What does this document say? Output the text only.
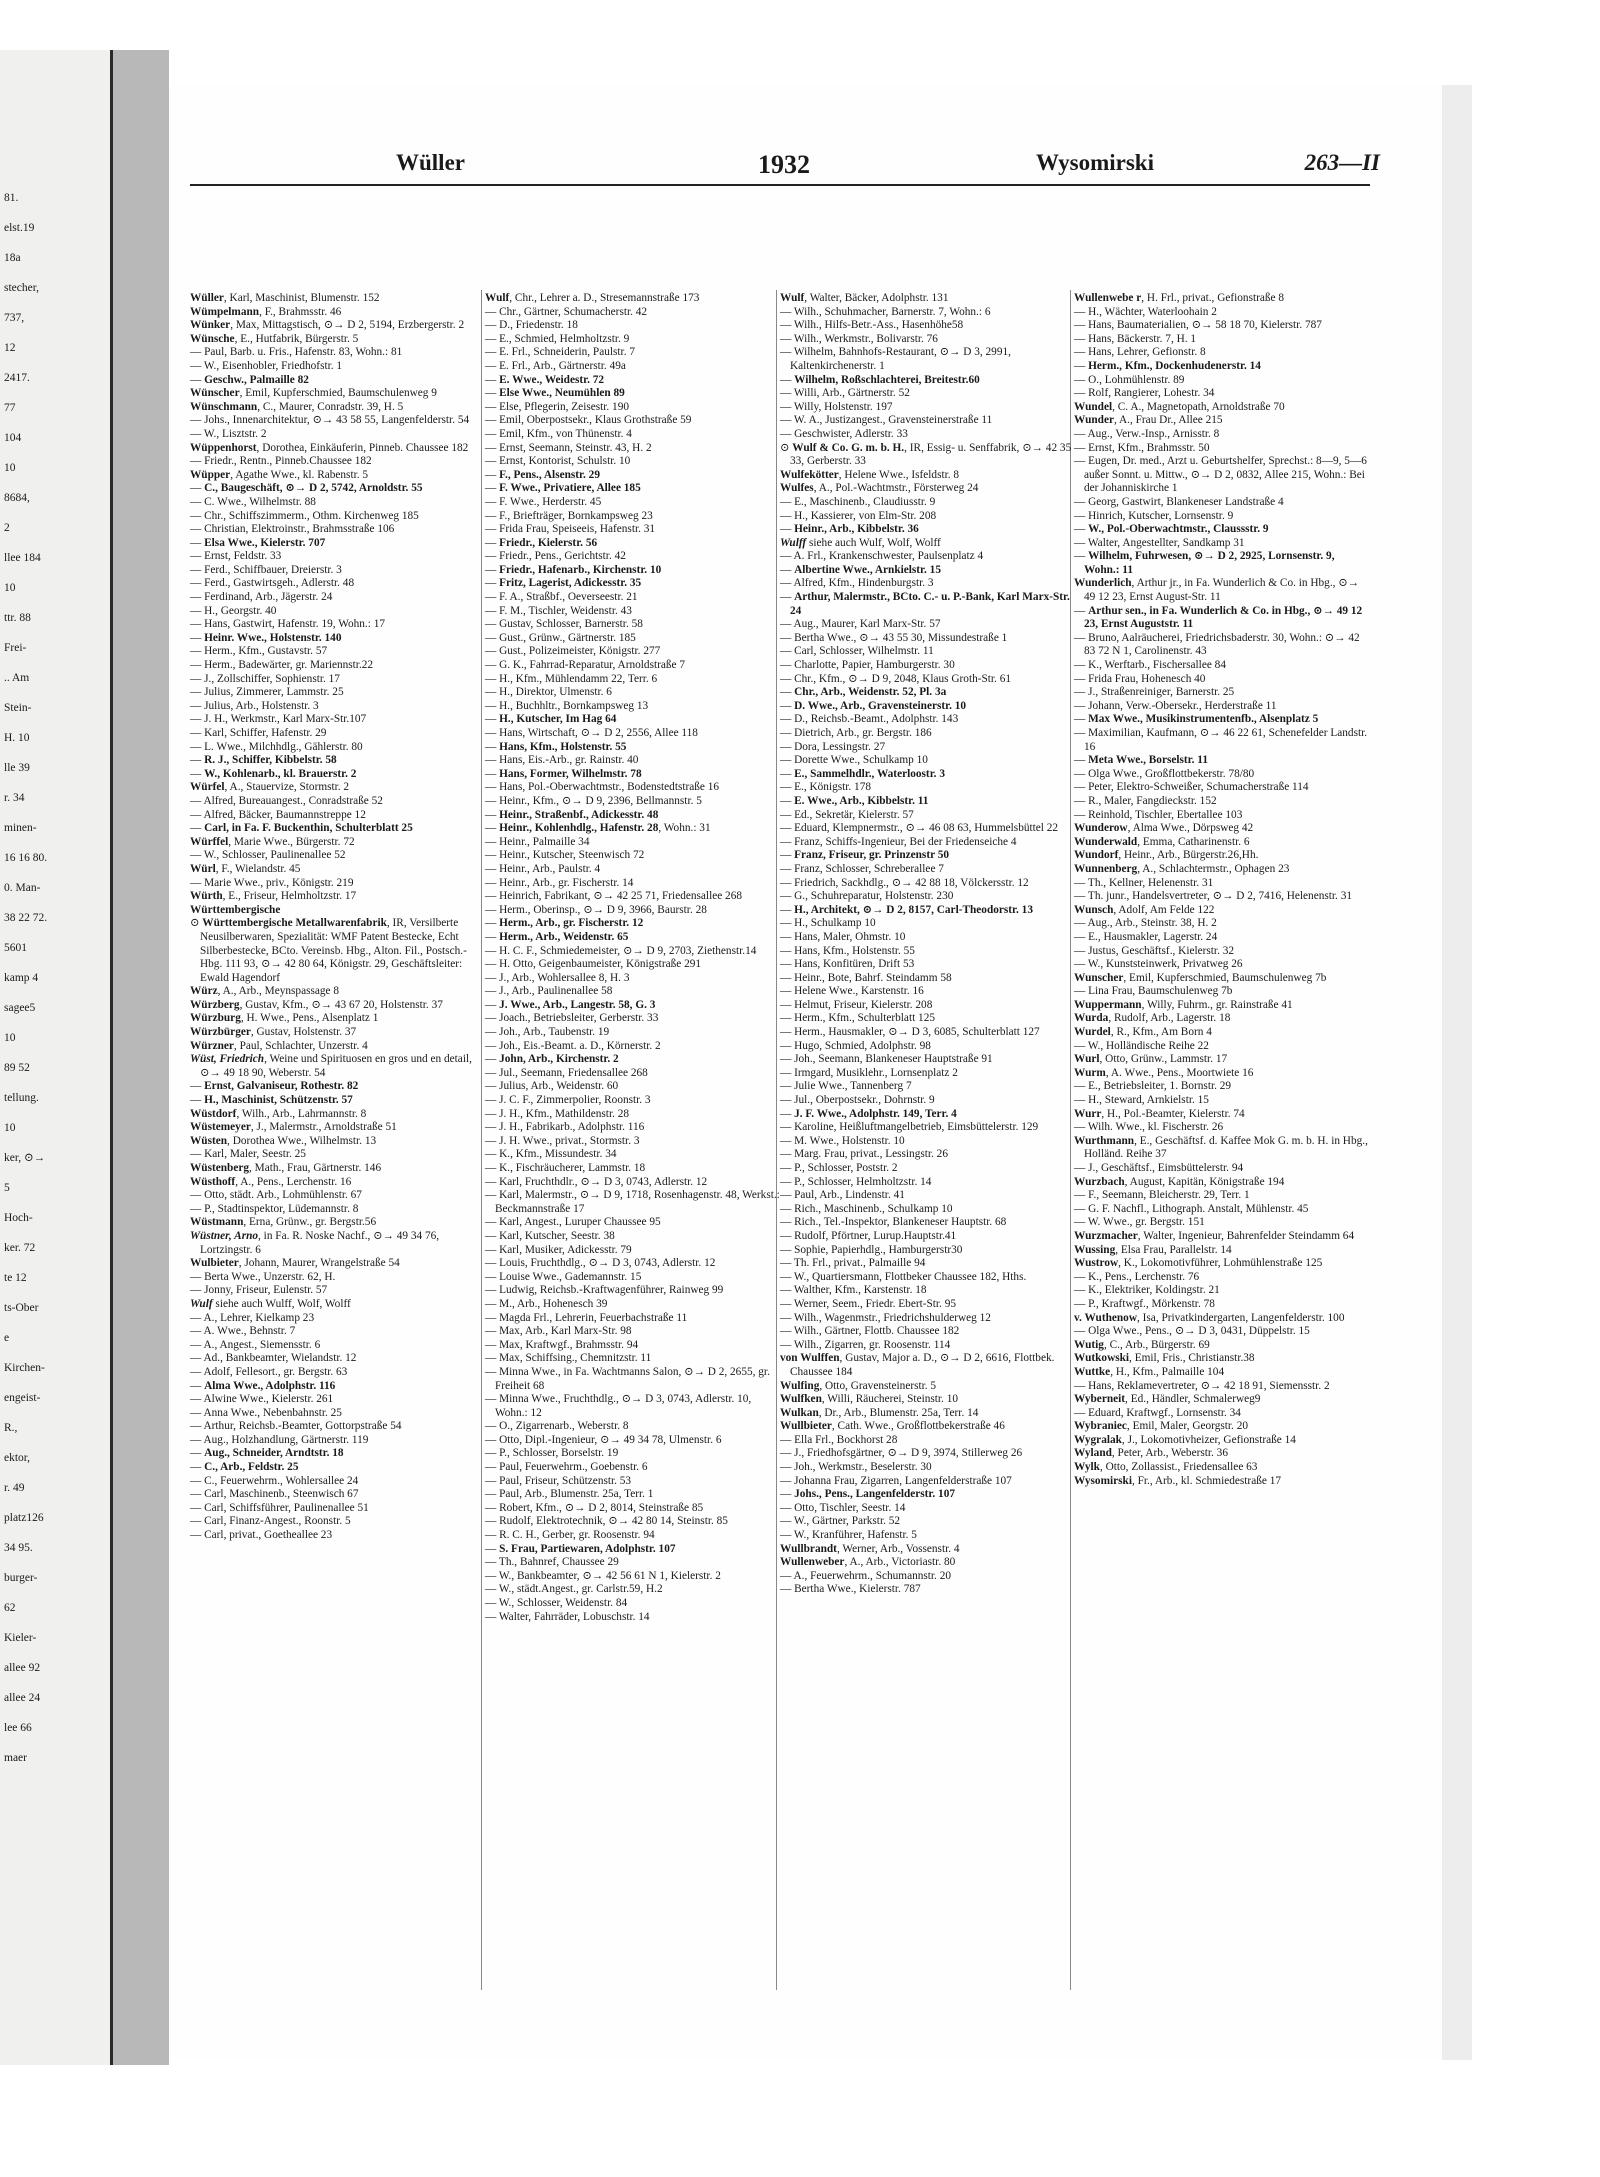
81.
elst.19
18a
stecher,
737,
12
2417.
77
104
10
8684,
2
llee 184
10
ttr. 88
Frei-
.. Am
Stein-
H. 10
lle 39
r. 34
minen-
16 16 80.
0. Man-
38 22 72.
5601
kamp 4
sagee5
10
89 52
tellung.
10
ker, ⊙→
5
Hoch-
ker. 72
te 12
ts-Ober
e
Kirchen-
engeist-
R.,
ektor,
r. 49
platz126
34 95.
burger-
62
Kieler-
allee 92
allee 24
lee 66
maer
Wüller	1932	Wysomirski	263—II

Wüller, Karl, Maschinist, Blumenstr. 152

Wümpelmann, F., Brahmsstr. 46

Wünker, Max, Mittagstisch, ⊙→ D 2, 5194, Erzbergerstr. 2

Wünsche, E., Hutfabrik, Bürgerstr. 5

— Paul, Barb. u. Fris., Hafenstr. 83, Wohn.: 81

— W., Eisenhobler, Friedhofstr. 1

— Geschw., Palmaille 82

Wünscher, Emil, Kupferschmied, Baumschulenweg 9

Wünschmann, C., Maurer, Conradstr. 39, H. 5

— Johs., Innenarchitektur, ⊙→ 43 58 55, Langenfelderstr. 54

— W., Lisztstr. 2

Wüppenhorst, Dorothea, Einkäuferin, Pinneb. Chaussee 182

— Friedr., Rentn., Pinneb.Chaussee 182

Wüpper, Agathe Wwe., kl. Rabenstr. 5

— C., Baugeschäft, ⊙→ D 2, 5742, Arnoldstr. 55

— C. Wwe., Wilhelmstr. 88

— Chr., Schiffszimmerm., Othm. Kirchenweg 185

— Christian, Elektroinstr., Brahmsstraße 106

— Elsa Wwe., Kielerstr. 707

— Ernst, Feldstr. 33

— Ferd., Schiffbauer, Dreierstr. 3

— Ferd., Gastwirtsgeh., Adlerstr. 48

— Ferdinand, Arb., Jägerstr. 24

— H., Georgstr. 40

— Hans, Gastwirt, Hafenstr. 19, Wohn.: 17

— Heinr. Wwe., Holstenstr. 140

— Herm., Kfm., Gustavstr. 57

— Herm., Badewärter, gr. Mariennstr.22

— J., Zollschiffer, Sophienstr. 17

— Julius, Zimmerer, Lammstr. 25

— Julius, Arb., Holstenstr. 3

— J. H., Werkmstr., Karl Marx-Str.107

— Karl, Schiffer, Hafenstr. 29

— L. Wwe., Milchhdlg., Gählerstr. 80

— R. J., Schiffer, Kibbelstr. 58

— W., Kohlenarb., kl. Brauerstr. 2

Würfel, A., Stauervize, Stormstr. 2

— Alfred, Bureauangest., Conradstraße 52

— Alfred, Bäcker, Baumannstreppe 12

— Carl, in Fa. F. Buckenthin, Schulterblatt 25

Würffel, Marie Wwe., Bürgerstr. 72

— W., Schlosser, Paulinenallee 52

Würl, F., Wielandstr. 45

— Marie Wwe., priv., Königstr. 219

Würth, E., Friseur, Helmholtzstr. 17

Württembergische

⊙ Württembergische Metallwarenfabrik, IR, Versilberte Neusilberwaren, Spezialität: WMF Patent Bestecke, Echt Silberbestecke, BCto. Vereinsb. Hbg., Alton. Fil., Postsch.- Hbg. 111 93, ⊙→ 42 80 64, Königstr. 29, Geschäftsleiter: Ewald Hagendorf

Würz, A., Arb., Meynspassage 8

Würzberg, Gustav, Kfm., ⊙→ 43 67 20, Holstenstr. 37

Würzburg, H. Wwe., Pens., Alsenplatz 1

Würzbürger, Gustav, Holstenstr. 37

Würzner, Paul, Schlachter, Unzerstr. 4

Wüst, Friedrich, Weine und Spirituosen en gros und en detail, ⊙→ 49 18 90, Weberstr. 54

— Ernst, Galvaniseur, Rothestr. 82

— H., Maschinist, Schützenstr. 57

Wüstdorf, Wilh., Arb., Lahrmannstr. 8

Wüstemeyer, J., Malermstr., Arnoldstraße 51

Wüsten, Dorothea Wwe., Wilhelmstr. 13

— Karl, Maler, Seestr. 25

Wüstenberg, Math., Frau, Gärtnerstr. 146

Wüsthoff, A., Pens., Lerchenstr. 16

— Otto, städt. Arb., Lohmühlenstr. 67

— P., Stadtinspektor, Lüdemannstr. 8

Wüstmann, Erna, Grünw., gr. Bergstr.56

Wüstner, Arno, in Fa. R. Noske Nachf., ⊙→ 49 34 76, Lortzingstr. 6

Wulbieter, Johann, Maurer, Wrangelstraße 54

— Berta Wwe., Unzerstr. 62, H.

— Jonny, Friseur, Eulenstr. 57

Wulf siehe auch Wulff, Wolf, Wolff

— A., Lehrer, Kielkamp 23

— A. Wwe., Behnstr. 7

— A., Angest., Siemensstr. 6

— Ad., Bankbeamter, Wielandstr. 12

— Adolf, Fellesort., gr. Bergstr. 63

— Alma Wwe., Adolphstr. 116

— Alwine Wwe., Kielerstr. 261

— Anna Wwe., Nebenbahnstr. 25

— Arthur, Reichsb.-Beamter, Gottorpstraße 54

— Aug., Holzhandlung, Gärtnerstr. 119

— Aug., Schneider, Arndtstr. 18

— C., Arb., Feldstr. 25

— C., Feuerwehrm., Wohlersallee 24

— Carl, Maschinenb., Steenwisch 67

— Carl, Schiffsführer, Paulinenallee 51

— Carl, Finanz-Angest., Roonstr. 5

— Carl, privat., Goetheallee 23

Wulf, Chr., Lehrer a. D., Stresemannstraße 173

— Chr., Gärtner, Schumacherstr. 42

— D., Friedenstr. 18

— E., Schmied, Helmholtzstr. 9

— E. Frl., Schneiderin, Paulstr. 7

— E. Frl., Arb., Gärtnerstr. 49a

— E. Wwe., Weidestr. 72

— Else Wwe., Neumühlen 89

— Else, Pflegerin, Zeisestr. 190

— Emil, Oberpostsekr., Klaus Grothstraße 59

— Emil, Kfm., von Thünenstr. 4

— Ernst, Seemann, Steinstr. 43, H. 2

— Ernst, Kontorist, Schulstr. 10

— F., Pens., Alsenstr. 29

— F. Wwe., Privatiere, Allee 185

— F. Wwe., Herderstr. 45

— F., Briefträger, Bornkampsweg 23

— Frida Frau, Speiseeis, Hafenstr. 31

— Friedr., Kielerstr. 56

— Friedr., Pens., Gerichtstr. 42

— Friedr., Hafenarb., Kirchenstr. 10

— Fritz, Lagerist, Adickesstr. 35

— F. A., Straßbf., Oeverseestr. 21

— F. M., Tischler, Weidenstr. 43

— Gustav, Schlosser, Barnerstr. 58

— Gust., Grünw., Gärtnerstr. 185

— Gust., Polizeimeister, Königstr. 277

— G. K., Fahrrad-Reparatur, Arnoldstraße 7

— H., Kfm., Mühlendamm 22, Terr. 6

— H., Direktor, Ulmenstr. 6

— H., Buchhltr., Bornkampsweg 13

— H., Kutscher, Im Hag 64

— Hans, Wirtschaft, ⊙→ D 2, 2556, Allee 118

— Hans, Kfm., Holstenstr. 55

— Hans, Eis.-Arb., gr. Rainstr. 40

— Hans, Former, Wilhelmstr. 78

— Hans, Pol.-Oberwachtmstr., Bodenstedtstraße 16

— Heinr., Kfm., ⊙→ D 9, 2396, Bellmannstr. 5

— Heinr., Straßenbf., Adickesstr. 48

— Heinr., Kohlenhdlg., Hafenstr. 28, Wohn.: 31

— Heinr., Palmaille 34

— Heinr., Kutscher, Steenwisch 72

— Heinr., Arb., Paulstr. 4

— Heinr., Arb., gr. Fischerstr. 14

— Heinrich, Fabrikant, ⊙→ 42 25 71, Friedensallee 268

— Herm., Oberinsp., ⊙→ D 9, 3966, Baurstr. 28

— Herm., Arb., gr. Fischerstr. 12

— Herm., Arb., Weidenstr. 65

— H. C. F., Schmiedemeister, ⊙→ D 9, 2703, Ziethenstr.14

— H. Otto, Geigenbaumeister, Königstraße 291

— J., Arb., Wohlersallee 8, H. 3

— J., Arb., Paulinenallee 58

— J. Wwe., Arb., Langestr. 58, G. 3

— Joach., Betriebsleiter, Gerberstr. 33

— Joh., Arb., Taubenstr. 19

— Joh., Eis.-Beamt. a. D., Körnerstr. 2

— John, Arb., Kirchenstr. 2

— Jul., Seemann, Friedensallee 268

— Julius, Arb., Weidenstr. 60

— J. C. F., Zimmerpolier, Roonstr. 3

— J. H., Kfm., Mathildenstr. 28

— J. H., Fabrikarb., Adolphstr. 116

— J. H. Wwe., privat., Stormstr. 3

— K., Kfm., Missundestr. 34

— K., Fischräucherer, Lammstr. 18

— Karl, Fruchthdlr., ⊙→ D 3, 0743, Adlerstr. 12

— Karl, Malermstr., ⊙→ D 9, 1718, Rosenhagenstr. 48, Werkst.: Beckmannstraße 17

— Karl, Angest., Luruper Chaussee 95

— Karl, Kutscher, Seestr. 38

— Karl, Musiker, Adickesstr. 79

— Louis, Fruchthdlg., ⊙→ D 3, 0743, Adlerstr. 12

— Louise Wwe., Gademannstr. 15

— Ludwig, Reichsb.-Kraftwagenführer, Rainweg 99

— M., Arb., Hohenesch 39

— Magda Frl., Lehrerin, Feuerbachstraße 11

— Max, Arb., Karl Marx-Str. 98

— Max, Kraftwgf., Brahmsstr. 94

— Max, Schiffsing., Chemnitzstr. 11

— Minna Wwe., in Fa. Wachtmanns Salon, ⊙→ D 2, 2655, gr. Freiheit 68

— Minna Wwe., Fruchthdlg., ⊙→ D 3, 0743, Adlerstr. 10, Wohn.: 12

— O., Zigarrenarb., Weberstr. 8

— Otto, Dipl.-Ingenieur, ⊙→ 49 34 78, Ulmenstr. 6

— P., Schlosser, Borselstr. 19

— Paul, Feuerwehrm., Goebenstr. 6

— Paul, Friseur, Schützenstr. 53

— Paul, Arb., Blumenstr. 25a, Terr. 1

— Robert, Kfm., ⊙→ D 2, 8014, Steinstraße 85

— Rudolf, Elektrotechnik, ⊙→ 42 80 14, Steinstr. 85

— R. C. H., Gerber, gr. Roosenstr. 94

— S. Frau, Partiewaren, Adolphstr. 107

— Th., Bahnref, Chaussee 29

— W., Bankbeamter, ⊙→ 42 56 61 N 1, Kielerstr. 2

— W., städt.Angest., gr. Carlstr.59, H.2

— W., Schlosser, Weidenstr. 84

— Walter, Fahrräder, Lobuschstr. 14

Wulf, Walter, Bäcker, Adolphstr. 131

— Wilh., Schuhmacher, Barnerstr. 7, Wohn.: 6

— Wilh., Hilfs-Betr.-Ass., Hasenhöhe58

— Wilh., Werkmstr., Bolivarstr. 76

— Wilhelm, Bahnhofs-Restaurant, ⊙→ D 3, 2991, Kaltenkirchenerstr. 1

— Wilhelm, Roßschlachterei, Breitestr.60

— Willi, Arb., Gärtnerstr. 52

— Willy, Holstenstr. 197

— W. A., Justizangest., Gravensteinerstraße 11

— Geschwister, Adlerstr. 33

⊙ Wulf & Co. G. m. b. H., IR, Essig- u. Senffabrik, ⊙→ 42 35 33, Gerberstr. 33

Wulfekötter, Helene Wwe., Isfeldstr. 8

Wulfes, A., Pol.-Wachtmstr., Försterweg 24

— E., Maschinenb., Claudiusstr. 9

— H., Kassierer, von Elm-Str. 208

— Heinr., Arb., Kibbelstr. 36

Wulff siehe auch Wulf, Wolf, Wolff

— A. Frl., Krankenschwester, Paulsenplatz 4

— Albertine Wwe., Arnkielstr. 15

— Alfred, Kfm., Hindenburgstr. 3

— Arthur, Malermstr., BCto. C.- u. P.-Bank, Karl Marx-Str. 24

— Aug., Maurer, Karl Marx-Str. 57

— Bertha Wwe., ⊙→ 43 55 30, Missundestraße 1

— Carl, Schlosser, Wilhelmstr. 11

— Charlotte, Papier, Hamburgerstr. 30

— Chr., Kfm., ⊙→ D 9, 2048, Klaus Groth-Str. 61

— Chr., Arb., Weidenstr. 52, Pl. 3a

— D. Wwe., Arb., Gravensteinerstr. 10

— D., Reichsb.-Beamt., Adolphstr. 143

— Dietrich, Arb., gr. Bergstr. 186

— Dora, Lessingstr. 27

— Dorette Wwe., Schulkamp 10

— E., Sammelhdlr., Waterloostr. 3

— E., Königstr. 178

— E. Wwe., Arb., Kibbelstr. 11

— Ed., Sekretär, Kielerstr. 57

— Eduard, Klempnermstr., ⊙→ 46 08 63, Hummelsbüttel 22

— Franz, Schiffs-Ingenieur, Bei der Friedenseiche 4

— Franz, Friseur, gr. Prinzenstr 50

— Franz, Schlosser, Schreberallee 7

— Friedrich, Sackhdlg., ⊙→ 42 88 18, Völckersstr. 12

— G., Schuhreparatur, Holstenstr. 230

— H., Architekt, ⊙→ D 2, 8157, Carl-Theodorstr. 13

— H., Schulkamp 10

— Hans, Maler, Ohmstr. 10

— Hans, Kfm., Holstenstr. 55

— Hans, Konfitüren, Drift 53

— Heinr., Bote, Bahrf. Steindamm 58

— Helene Wwe., Karstenstr. 16

— Helmut, Friseur, Kielerstr. 208

— Herm., Kfm., Schulterblatt 125

— Herm., Hausmakler, ⊙→ D 3, 6085, Schulterblatt 127

— Hugo, Schmied, Adolphstr. 98

— Joh., Seemann, Blankeneser Hauptstraße 91

— Irmgard, Musiklehr., Lornsenplatz 2

— Julie Wwe., Tannenberg 7

— Jul., Oberpostsekr., Dohrnstr. 9

— J. F. Wwe., Adolphstr. 149, Terr. 4

— Karoline, Heißluftmangelbetrieb, Eimsbüttelerstr. 129

— M. Wwe., Holstenstr. 10

— Marg. Frau, privat., Lessingstr. 26

— P., Schlosser, Poststr. 2

— P., Schlosser, Helmholtzstr. 14

— Paul, Arb., Lindenstr. 41

— Rich., Maschinenb., Schulkamp 10

— Rich., Tel.-Inspektor, Blankeneser Hauptstr. 68

— Rudolf, Pförtner, Lurup.Hauptstr.41

— Sophie, Papierhdlg., Hamburgerstr30

— Th. Frl., privat., Palmaille 94

— W., Quartiersmann, Flottbeker Chaussee 182, Hths.

— Walther, Kfm., Karstenstr. 18

— Werner, Seem., Friedr. Ebert-Str. 95

— Wilh., Wagenmstr., Friedrichshulderweg 12

— Wilh., Gärtner, Flottb. Chaussee 182

— Wilh., Zigarren, gr. Roosenstr. 114

von Wulffen, Gustav, Major a. D., ⊙→ D 2, 6616, Flottbek. Chaussee 184

Wulfing, Otto, Gravensteinerstr. 5

Wulfken, Willi, Räucherei, Steinstr. 10

Wulkan, Dr., Arb., Blumenstr. 25a, Terr. 14

Wullbieter, Cath. Wwe., Großflottbekerstraße 46

— Ella Frl., Bockhorst 28

— J., Friedhofsgärtner, ⊙→ D 9, 3974, Stillerweg 26

— Joh., Werkmstr., Beselerstr. 30

— Johanna Frau, Zigarren, Langenfelderstraße 107

— Johs., Pens., Langenfelderstr. 107

— Otto, Tischler, Seestr. 14

— W., Gärtner, Parkstr. 52

— W., Kranführer, Hafenstr. 5

Wullbrandt, Werner, Arb., Vossenstr. 4

Wullenweber, A., Arb., Victoriastr. 80

— A., Feuerwehrm., Schumannstr. 20

— Bertha Wwe., Kielerstr. 787

Wullenwebe r, H. Frl., privat., Gefionstraße 8

— H., Wächter, Waterloohain 2

— Hans, Baumaterialien, ⊙→ 58 18 70, Kielerstr. 787

— Hans, Bäckerstr. 7, H. 1

— Hans, Lehrer, Gefionstr. 8

— Herm., Kfm., Dockenhudenerstr. 14

— O., Lohmühlenstr. 89

— Rolf, Rangierer, Lohestr. 34

Wundel, C. A., Magnetopath, Arnoldstraße 70

Wunder, A., Frau Dr., Allee 215

— Aug., Verw.-Insp., Arnisstr. 8

— Ernst, Kfm., Brahmsstr. 50

— Eugen, Dr. med., Arzt u. Geburtshelfer, Sprechst.: 8—9, 5—6 außer Sonnt. u. Mittw., ⊙→ D 2, 0832, Allee 215, Wohn.: Bei der Johanniskirche 1

— Georg, Gastwirt, Blankeneser Landstraße 4

— Hinrich, Kutscher, Lornsenstr. 9

— W., Pol.-Oberwachtmstr., Claussstr. 9

— Walter, Angestellter, Sandkamp 31

— Wilhelm, Fuhrwesen, ⊙→ D 2, 2925, Lornsenstr. 9, Wohn.: 11

Wunderlich, Arthur jr., in Fa. Wunderlich & Co. in Hbg., ⊙→ 49 12 23, Ernst August-Str. 11

— Arthur sen., in Fa. Wunderlich & Co. in Hbg., ⊙→ 49 12 23, Ernst Auguststr. 11

— Bruno, Aalräucherei, Friedrichsbaderstr. 30, Wohn.: ⊙→ 42 83 72 N 1, Carolinenstr. 43

— K., Werftarb., Fischersallee 84

— Frida Frau, Hohenesch 40

— J., Straßenreiniger, Barnerstr. 25

— Johann, Verw.-Obersekr., Herderstraße 11

— Max Wwe., Musikinstrumentenfb., Alsenplatz 5

— Maximilian, Kaufmann, ⊙→ 46 22 61, Schenefelder Landstr. 16

— Meta Wwe., Borselstr. 11

— Olga Wwe., Großflottbekerstr. 78/80

— Peter, Elektro-Schweißer, Schumacherstraße 114

— R., Maler, Fangdieckstr. 152

— Reinhold, Tischler, Ebertallee 103

Wunderow, Alma Wwe., Dörpsweg 42

Wunderwald, Emma, Catharinenstr. 6

Wundorf, Heinr., Arb., Bürgerstr.26,Hh.

Wunnenberg, A., Schlachtermstr., Ophagen 23

— Th., Kellner, Helenenstr. 31

— Th. junr., Handelsvertreter, ⊙→ D 2, 7416, Helenenstr. 31

Wunsch, Adolf, Am Felde 122

— Aug., Arb., Steinstr. 38, H. 2

— E., Hausmakler, Lagerstr. 24

— Justus, Geschäftsf., Kielerstr. 32

— W., Kunststeinwerk, Privatweg 26

Wunscher, Emil, Kupferschmied, Baumschulenweg 7b

— Lina Frau, Baumschulenweg 7b

Wuppermann, Willy, Fuhrm., gr. Rainstraße 41

Wurda, Rudolf, Arb., Lagerstr. 18

Wurdel, R., Kfm., Am Born 4

— W., Holländische Reihe 22

Wurl, Otto, Grünw., Lammstr. 17

Wurm, A. Wwe., Pens., Moortwiete 16

— E., Betriebsleiter, 1. Bornstr. 29

— H., Steward, Arnkielstr. 15

Wurr, H., Pol.-Beamter, Kielerstr. 74

— Wilh. Wwe., kl. Fischerstr. 26

Wurthmann, E., Geschäftsf. d. Kaffee Mok G. m. b. H. in Hbg., Holländ. Reihe 37

— J., Geschäftsf., Eimsbüttelerstr. 94

Wurzbach, August, Kapitän, Königstraße 194

— F., Seemann, Bleicherstr. 29, Terr. 1

— G. F. Nachfl., Lithograph. Anstalt, Mühlenstr. 45

— W. Wwe., gr. Bergstr. 151

Wurzmacher, Walter, Ingenieur, Bahrenfelder Steindamm 64

Wussing, Elsa Frau, Parallelstr. 14

Wustrow, K., Lokomotivführer, Lohmühlenstraße 125

— K., Pens., Lerchenstr. 76

— K., Elektriker, Koldingstr. 21

— P., Kraftwgf., Mörkenstr. 78

v. Wuthenow, Isa, Privatkindergarten, Langenfelderstr. 100

— Olga Wwe., Pens., ⊙→ D 3, 0431, Düppelstr. 15

Wutig, C., Arb., Bürgerstr. 69

Wutkowski, Emil, Fris., Christianstr.38

Wuttke, H., Kfm., Palmaille 104

— Hans, Reklamevertreter, ⊙→ 42 18 91, Siemensstr. 2

Wyberneit, Ed., Händler, Schmalerweg9

— Eduard, Kraftwgf., Lornsenstr. 34

Wybraniec, Emil, Maler, Georgstr. 20

Wygralak, J., Lokomotivheizer, Gefionstraße 14

Wyland, Peter, Arb., Weberstr. 36

Wylk, Otto, Zollassist., Friedensallee 63

Wysomirski, Fr., Arb., kl. Schmiedestraße 17
